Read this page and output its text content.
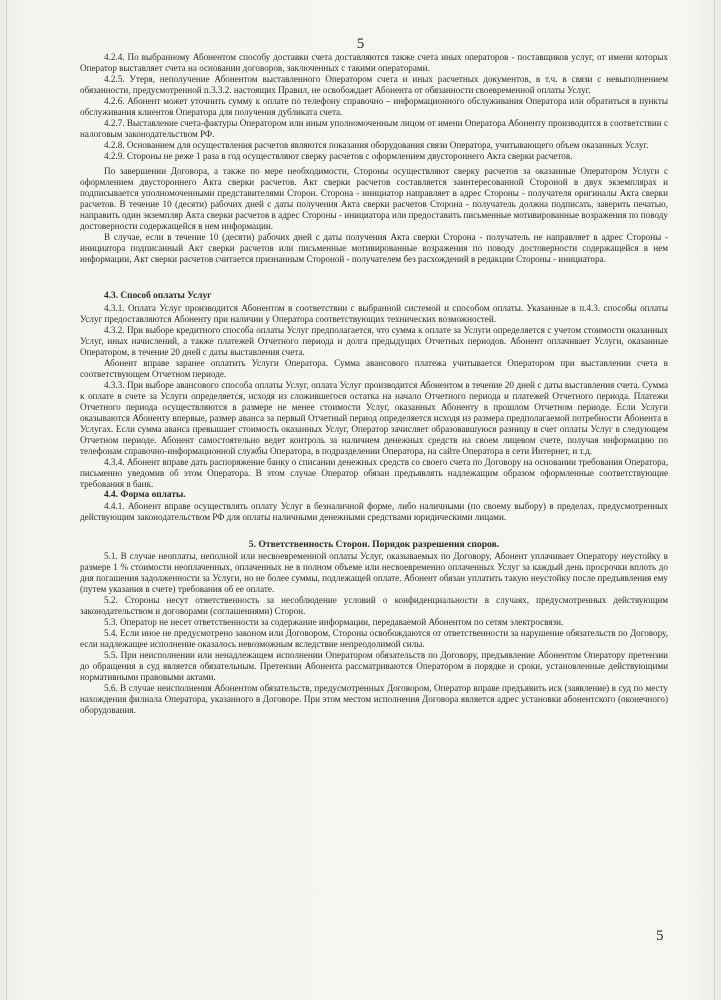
5

4.2.4. По выбранному Абонентом способу доставки счета доставляются также счета иных операторов - поставщиков услуг, от имени которых Оператор выставляет счета на основании договоров, заключенных с такими операторами.

4.2.5. Утеря, неполучение Абонентом выставленного Оператором счета и иных расчетных документов, в т.ч. в связи с невыполнением обязанности, предусмотренной п.3.3.2. настоящих Правил, не освобождает Абонента от обязанности своевременной оплаты Услуг.

4.2.6. Абонент может уточнить сумму к оплате по телефону справочно – информационного обслуживания Оператора или обратиться в пункты обслуживания клиентов Оператора для получения дубликата счета.

4.2.7. Выставление счета-фактуры Оператором или иным уполномоченным лицом от имени Оператора Абоненту производится в соответствии с налоговым законодательством РФ.

4.2.8. Основанием для осуществления расчетов являются показания оборудования связи Оператора, учитывающего объем оказанных Услуг.

4.2.9. Стороны не реже 1 раза в год осуществляют сверку расчетов с оформлением двустороннего Акта сверки расчетов.

По завершении Договора, а также по мере необходимости, Стороны осуществляют сверку расчетов за оказанные Оператором Услуги с оформлением двустороннего Акта сверки расчетов. Акт сверки расчетов составляется заинтересованной Стороной в двух экземплярах и подписывается уполномоченными представителями Сторон. Сторона - инициатор направляет в адрес Стороны - получателя оригиналы Акта сверки расчетов. В течение 10 (десяти) рабочих дней с даты получения Акта сверки расчетов Сторона - получатель должна подписать, заверить печатью, направить один экземпляр Акта сверки расчетов в адрес Стороны - инициатора или предоставить письменные мотивированные возражения по поводу достоверности содержащейся в нем информации.

В случае, если в течение 10 (десяти) рабочих дней с даты получения Акта сверки Сторона - получатель не направляет в адрес Стороны - инициатора подписанный Акт сверки расчетов или письменные мотивированные возражения по поводу достоверности содержащейся в нем информации, Акт сверки расчетов считается признанным Стороной - получателем без расхождений в редакции Стороны - инициатора.

4.3. Способ оплаты Услуг

4.3.1. Оплата Услуг производится Абонентом в соответствии с выбранной системой и способом оплаты. Указанные в п.4.3. способы оплаты Услуг предоставляются Абоненту при наличии у Оператора соответствующих технических возможностей.

4.3.2. При выборе кредитного способа оплаты Услуг предполагается, что сумма к оплате за Услуги определяется с учетом стоимости оказанных Услуг, иных начислений, а также платежей Отчетного периода и долга предыдущих Отчетных периодов. Абонент оплачивает Услуги, оказанные Оператором, в течение 20 дней с даты выставления счета.

Абонент вправе заранее оплатить Услуги Оператора. Сумма авансового платежа учитывается Оператором при выставлении счета в соответствующем Отчетном периоде.

4.3.3. При выборе авансового способа оплаты Услуг, оплата Услуг производится Абонентом в течение 20 дней с даты выставления счета. Сумма к оплате в счете за Услуги определяется, исходя из сложившегося остатка на начало Отчетного периода и платежей Отчетного периода. Платежи Отчетного периода осуществляются в размере не менее стоимости Услуг, оказанных Абоненту в прошлом Отчетном периоде. Если Услуги оказываются Абоненту впервые, размер аванса за первый Отчетный период определяется исходя из размера предполагаемой потребности Абонента в Услугах. Если сумма аванса превышает стоимость оказанных Услуг, Оператор зачисляет образовавшуюся разницу в счет оплаты Услуг в следующем Отчетном периоде. Абонент самостоятельно ведет контроль за наличием денежных средств на своем лицевом счете, получая информацию по телефонам справочно-информационной службы Оператора, в подразделении Оператора, на сайте Оператора в сети Интернет, и т.д.

4.3.4. Абонент вправе дать распоряжение банку о списании денежных средств со своего счета по Договору на основании требования Оператора, письменно уведомив об этом Оператора. В этом случае Оператор обязан предъявлять надлежащим образом оформленные соответствующие требования в банк.

4.4. Форма оплаты.

4.4.1. Абонент вправе осуществлять оплату Услуг в безналичной форме, либо наличными (по своему выбору) в пределах, предусмотренных действующим законодательством РФ для оплаты наличными денежными средствами юридическими лицами.

5. Ответственность Сторон. Порядок разрешения споров.

5.1. В случае неоплаты, неполной или несвоевременной оплаты Услуг, оказываемых по Договору, Абонент уплачивает Оператору неустойку в размере 1 % стоимости неоплаченных, оплаченных не в полном объеме или несвоевременно оплаченных Услуг за каждый день просрочки вплоть до дня погашения задолженности за Услуги, но не более суммы, подлежащей оплате. Абонент обязан уплатить такую неустойку после предъявления ему (путем указания в счете) требования об ее оплате.

5.2. Стороны несут ответственность за несоблюдение условий о конфиденциальности в случаях, предусмотренных действующим законодательством и договорами (соглашениями) Сторон.

5.3. Оператор не несет ответственности за содержание информации, передаваемой Абонентом по сетям электросвязи.

5.4. Если иное не предусмотрено законом или Договором, Стороны освобождаются от ответственности за нарушение обязательств по Договору, если надлежащее исполнение оказалось невозможным вследствие непреодолимой силы.

5.5. При неисполнении или ненадлежащем исполнении Оператором обязательств по Договору, предъявление Абонентом Оператору претензии до обращения в суд является обязательным. Претензии Абонента рассматриваются Оператором в порядке и сроки, установленные действующими нормативными правовыми актами.

5.6. В случае неисполнения Абонентом обязательств, предусмотренных Договором, Оператор вправе предъявить иск (заявление) в суд по месту нахождения филиала Оператора, указанного в Договоре. При этом местом исполнения Договора является адрес установки абонентского (оконечного) оборудования.

5
